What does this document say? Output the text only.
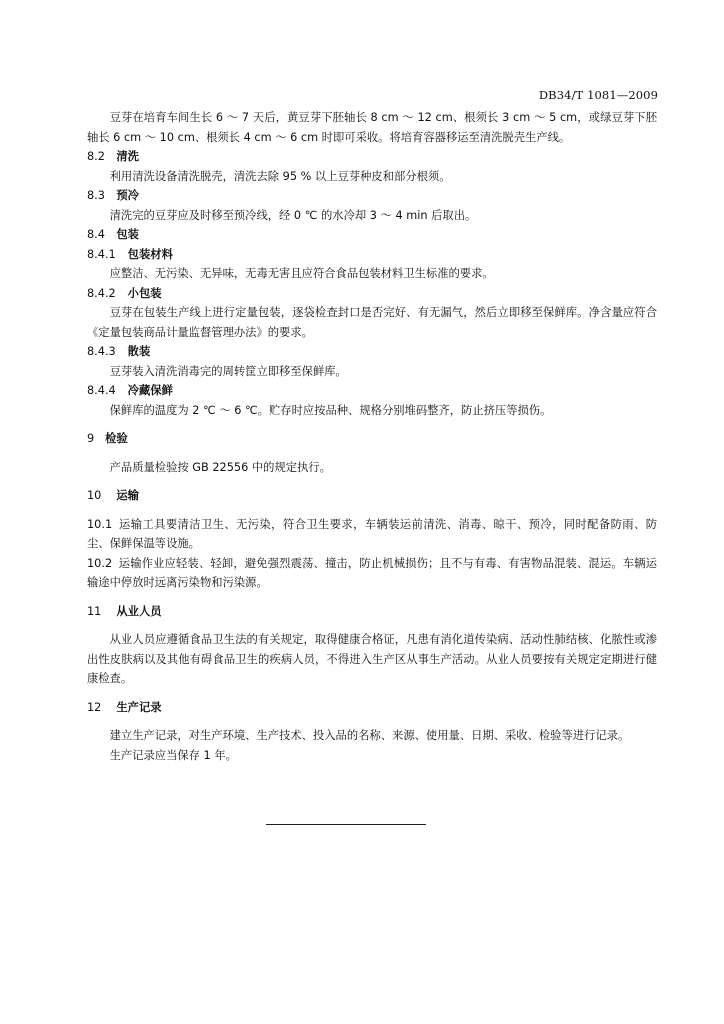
DB34/T 1081—2009

豆芽在培育车间生长 6 ～ 7 天后，黄豆芽下胚轴长 8 cm ～ 12 cm、根须长 3 cm ～ 5 cm，或绿豆芽下胚轴长 6 cm ～ 10 cm、根须长 4 cm ～ 6 cm 时即可采收。将培育容器移运至清洗脱壳生产线。

8.2 清洗

利用清洗设备清洗脱壳，清洗去除 95 % 以上豆芽种皮和部分根须。

8.3 预冷

清洗完的豆芽应及时移至预冷线，经 0 ℃ 的水冷却 3 ～ 4 min 后取出。

8.4 包装

8.4.1 包装材料

应整洁、无污染、无异味，无毒无害且应符合食品包装材料卫生标准的要求。

8.4.2 小包装

豆芽在包装生产线上进行定量包装，逐袋检查封口是否完好、有无漏气，然后立即移至保鲜库。净含量应符合《定量包装商品计量监督管理办法》的要求。

8.4.3 散装

豆芽装入清洗消毒完的周转筐立即移至保鲜库。

8.4.4 冷藏保鲜

保鲜库的温度为 2 ℃ ～ 6 ℃。贮存时应按品种、规格分别堆码整齐，防止挤压等损伤。

9 检验

产品质量检验按 GB 22556 中的规定执行。

10 运输

10.1 运输工具要清洁卫生、无污染，符合卫生要求，车辆装运前清洗、消毒、晾干、预冷，同时配备防雨、防尘、保鲜保温等设施。

10.2 运输作业应轻装、轻卸，避免强烈震荡、撞击，防止机械损伤；且不与有毒、有害物品混装、混运。车辆运输途中停放时远离污染物和污染源。

11 从业人员

从业人员应遵循食品卫生法的有关规定，取得健康合格证，凡患有消化道传染病、活动性肺结核、化脓性或渗出性皮肤病以及其他有碍食品卫生的疾病人员，不得进入生产区从事生产活动。从业人员要按有关规定定期进行健康检查。

12 生产记录

建立生产记录，对生产环境、生产技术、投入品的名称、来源、使用量、日期、采收、检验等进行记录。

生产记录应当保存 1 年。
